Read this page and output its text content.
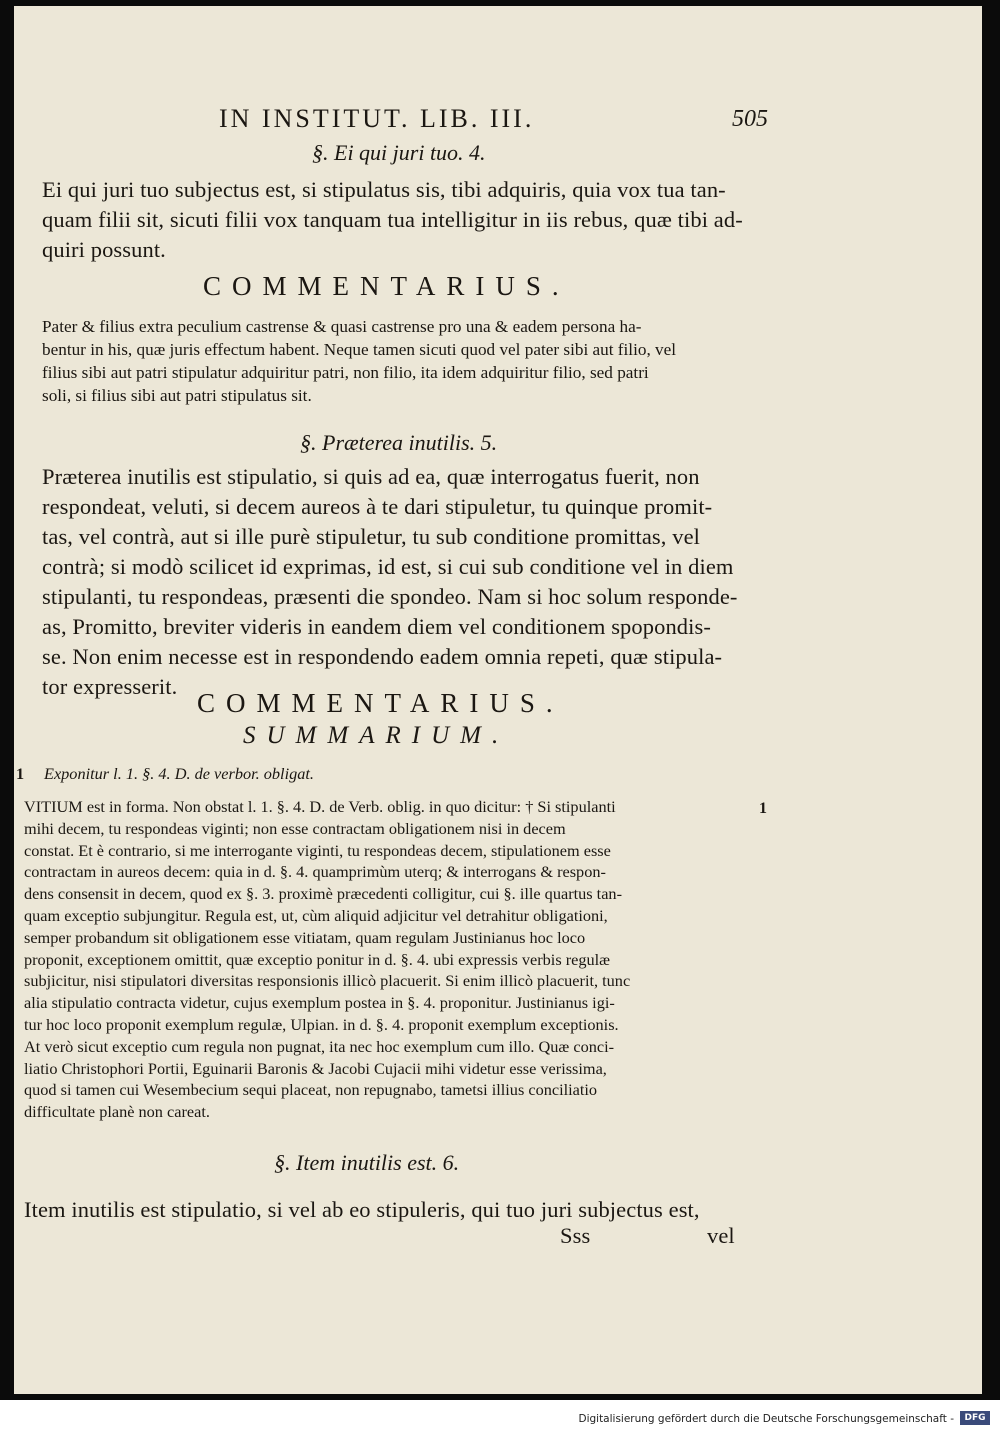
IN INSTITUT. LIB. III.	505
§. Ei qui juri tuo. 4.
Ei qui juri tuo subjectus est, si stipulatus sis, tibi adquiris, quia vox tua tan-
quam filii sit, sicuti filii vox tanquam tua intelligitur in iis rebus, quæ tibi ad-
quiri possunt.
COMMENTARIUS.
Pater & filius extra peculium castrense & quasi castrense pro una & eadem persona ha-
bentur in his, quæ juris effectum habent. Neque tamen sicuti quod vel pater sibi aut filio, vel
filius sibi aut patri stipulatur adquiritur patri, non filio, ita idem adquiritur filio, sed patri
soli, si filius sibi aut patri stipulatus sit.
§. Præterea inutilis. 5.
Præterea inutilis est stipulatio, si quis ad ea, quæ interrogatus fuerit, non
respondeat, veluti, si decem aureos à te dari stipuletur, tu quinque promit-
tas, vel contrà, aut si ille purè stipuletur, tu sub conditione promittas, vel
contrà; si modò scilicet id exprimas, id est, si cui sub conditione vel in diem
stipulanti, tu respondeas, præsenti die spondeo. Nam si hoc solum responde-
as, Promitto, breviter videris in eandem diem vel conditionem spopondis-
se. Non enim necesse est in respondendo eadem omnia repeti, quæ stipula-
tor expresserit.
COMMENTARIUS.
SUMMARIUM.
1 Exponitur l. 1. §. 4. D. de verbor. obligat.
1
VITIUM est in forma. Non obstat l. 1. §. 4. D. de Verb. oblig. in quo dicitur: † Si stipulanti
mihi decem, tu respondeas viginti; non esse contractam obligationem nisi in decem
constat. Et è contrario, si me interrogante viginti, tu respondeas decem, stipulationem esse
contractam in aureos decem: quia in d. §. 4. quamprimùm uterq; & interrogans & respon-
dens consensit in decem, quod ex §. 3. proximè præcedenti colligitur, cui §. ille quartus tan-
quam exceptio subjungitur. Regula est, ut, cùm aliquid adjicitur vel detrahitur obligationi,
semper probandum sit obligationem esse vitiatam, quam regulam Justinianus hoc loco
proponit, exceptionem omittit, quæ exceptio ponitur in d. §. 4. ubi expressis verbis regulæ
subjicitur, nisi stipulatori diversitas responsionis illicò placuerit. Si enim illicò placuerit, tunc
alia stipulatio contracta videtur, cujus exemplum postea in §. 4. proponitur. Justinianus igi-
tur hoc loco proponit exemplum regulæ, Ulpian. in d. §. 4. proponit exemplum exceptionis.
At verò sicut exceptio cum regula non pugnat, ita nec hoc exemplum cum illo. Quæ conci-
liatio Christophori Portii, Eguinarii Baronis & Jacobi Cujacii mihi videtur esse verissima,
quod si tamen cui Wesembecium sequi placeat, non repugnabo, tametsi illius conciliatio
difficultate planè non careat.
§. Item inutilis est. 6.
Item inutilis est stipulatio, si vel ab eo stipuleris, qui tuo juri subjectus est,
Sss	vel
Digitalisierung gefördert durch die Deutsche Forschungsgemeinschaft -	DFG
